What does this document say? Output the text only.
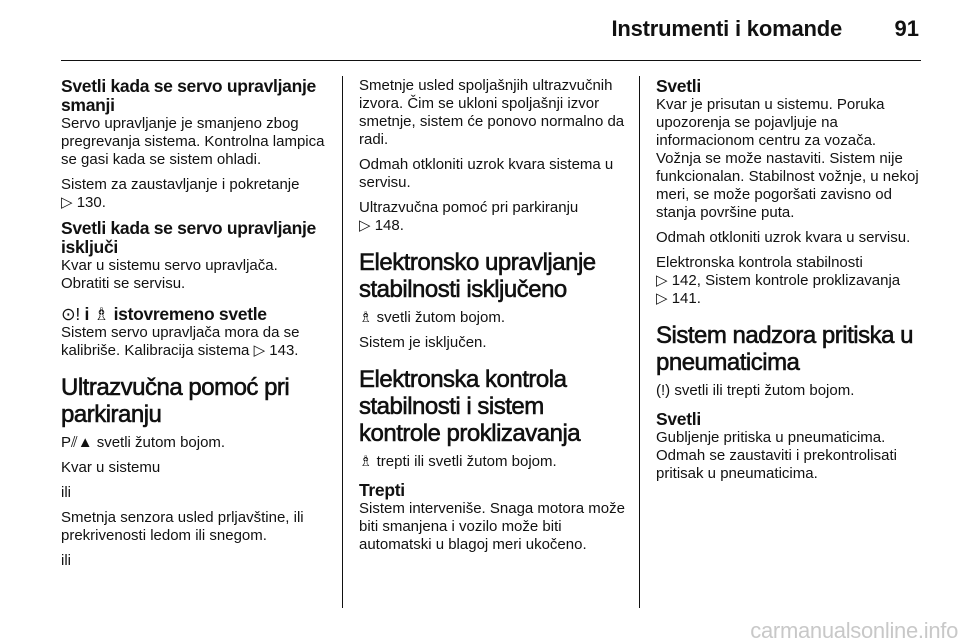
Instrumenti i komande 91
Svetli kada se servo upravljanje smanji
Servo upravljanje je smanjeno zbog pregrevanja sistema. Kontrolna lampica se gasi kada se sistem ohladi.
Sistem za zaustavljanje i pokretanje
▷ 130.
Svetli kada se servo upravljanje isključi
Kvar u sistemu servo upravljača. Obratiti se servisu.
⊙! i ♗ istovremeno svetle
Sistem servo upravljača mora da se kalibriše. Kalibracija sistema ▷ 143.
Ultrazvučna pomoć pri parkiranju
P⫽▲ svetli žutom bojom.
Kvar u sistemu
ili
Smetnja senzora usled prljavštine, ili prekrivenosti ledom ili snegom.
ili
Smetnje usled spoljašnjih ultrazvučnih izvora. Čim se ukloni spoljašnji izvor smetnje, sistem će ponovo normalno da radi.
Odmah otkloniti uzrok kvara sistema u servisu.
Ultrazvučna pomoć pri parkiranju
▷ 148.
Elektronsko upravljanje stabilnosti isključeno
♗ svetli žutom bojom.
Sistem je isključen.
Elektronska kontrola stabilnosti i sistem kontrole proklizavanja
♗ trepti ili svetli žutom bojom.
Trepti
Sistem interveniše. Snaga motora može biti smanjena i vozilo može biti automatski u blagoj meri ukočeno.
Svetli
Kvar je prisutan u sistemu. Poruka upozorenja se pojavljuje na informacionom centru za vozača. Vožnja se može nastaviti. Sistem nije funkcionalan. Stabilnost vožnje, u nekoj meri, se može pogoršati zavisno od stanja površine puta.
Odmah otkloniti uzrok kvara u servisu.
Elektronska kontrola stabilnosti
▷ 142, Sistem kontrole proklizavanja
▷ 141.
Sistem nadzora pritiska u pneumaticima
(!) svetli ili trepti žutom bojom.
Svetli
Gubljenje pritiska u pneumaticima. Odmah se zaustaviti i prekontrolisati pritisak u pneumaticima.
carmanualsonline.info
